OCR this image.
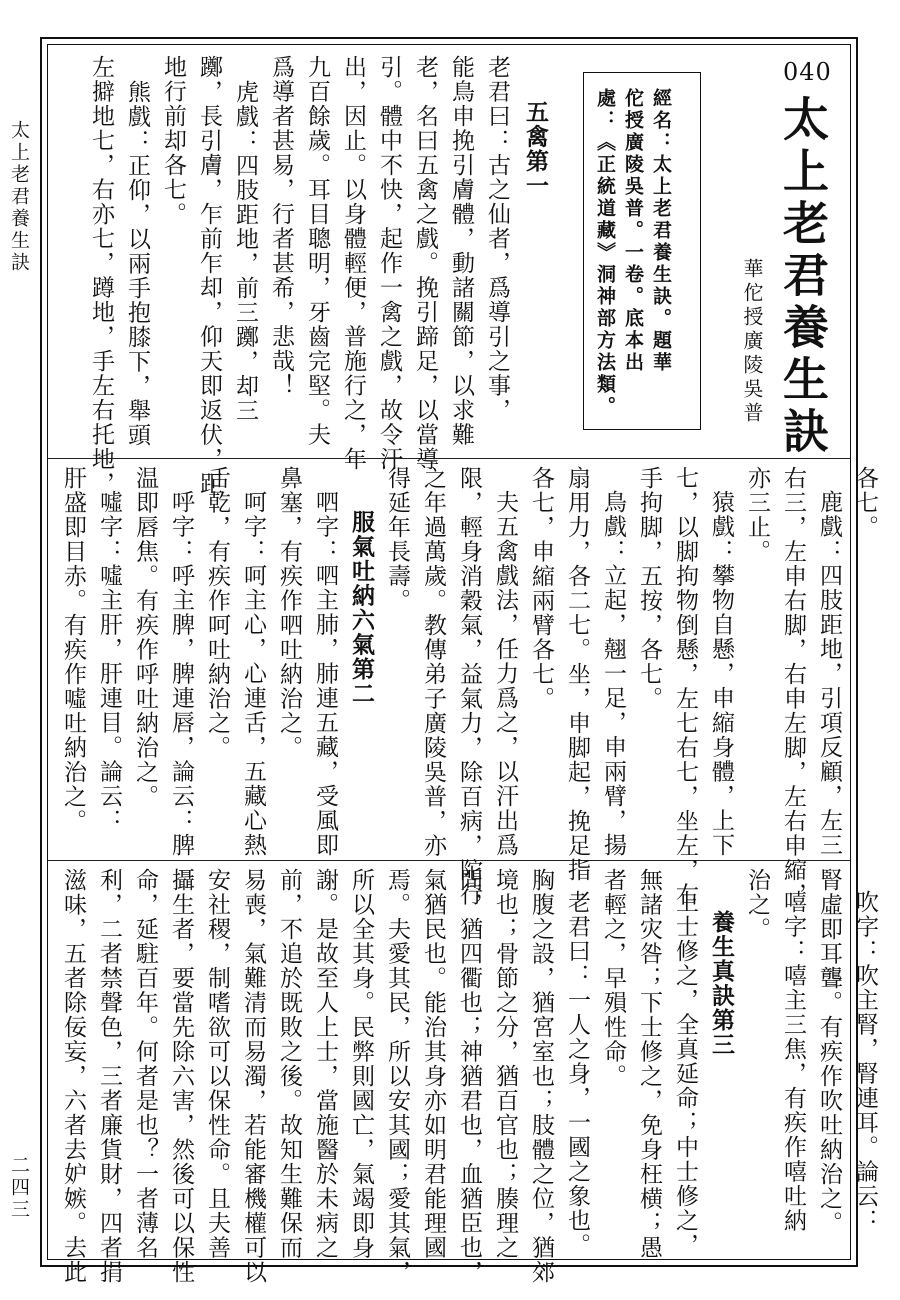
太上老君養生訣
二四三
040
太上老君養生訣
華佗授廣陵吳普
經名：太上老君養生訣。題華
佗授廣陵吳普。一卷。底本出
處：《正統道藏》洞神部方法類。
五禽第一
老君曰：古之仙者，爲導引之事，
能鳥申挽引膚體，動諸關節，以求難
老，名曰五禽之戲。挽引蹄足，以當導
引。體中不快，起作一禽之戲，故令汗
出，因止。以身體輕便，普施行之，年
九百餘歲。耳目聰明，牙齒完堅。夫
爲導者甚易，行者甚希，悲哉！
虎戲：四肢距地，前三躑，却三
躑，長引膚，乍前乍却，仰天即返伏，距
地行前却各七。
熊戲：正仰，以兩手抱膝下，舉頭
左擗地七，右亦七，蹲地，手左右托地，
各七。
鹿戲：四肢距地，引項反顧，左三
右三，左申右脚，右申左脚，左右申縮，
亦三止。
猿戲：攀物自懸，申縮身體，上下
七，以脚拘物倒懸，左七右七，坐左，右
手拘脚，五按，各七。
鳥戲：立起，翹一足，申兩臂，揚
扇用力，各二七。坐，申脚起，挽足指
各七，申縮兩臂各七。
夫五禽戲法，任力爲之，以汗出爲
限，輕身消穀氣，益氣力，除百病，陀行
之年過萬歲。教傳弟子廣陵吳普，亦
得延年長壽。
服氣吐納六氣第二
呬字：呬主肺，肺連五藏，受風即
鼻塞，有疾作呬吐納治之。
呵字：呵主心，心連舌，五藏心熱
舌乾，有疾作呵吐納治之。
呼字：呼主脾，脾連唇，論云：脾
温即唇焦。有疾作呼吐納治之。
噓字：噓主肝，肝連目。論云：
肝盛即目赤。有疾作噓吐納治之。
吹字：吹主腎，腎連耳。論云：
腎虛即耳聾。有疾作吹吐納治之。
嘻字：嘻主三焦，有疾作嘻吐納
治之。
養生真訣第三
上士修之，全真延命；中士修之，
無諸灾咎；下士修之，免身枉横；愚
者輕之，早殞性命。
老君曰：一人之身，一國之象也。
胸腹之設，猶宮室也；肢體之位，猶郊
境也；骨節之分，猶百官也；腠理之
間，猶四衢也；神猶君也，血猶臣也，
氣猶民也。能治其身亦如明君能理國
焉。夫愛其民，所以安其國；愛其氣，
所以全其身。民弊則國亡，氣竭即身
謝。是故至人上士，當施醫於未病之
前，不追於既敗之後。故知生難保而
易喪，氣難清而易濁，若能審機權可以
安社稷，制嗜欲可以保性命。且夫善
攝生者，要當先除六害，然後可以保性
命，延駐百年。何者是也？一者薄名
利，二者禁聲色，三者廉貨財，四者捐
滋味，五者除佞妄，六者去妒嫉。去此
